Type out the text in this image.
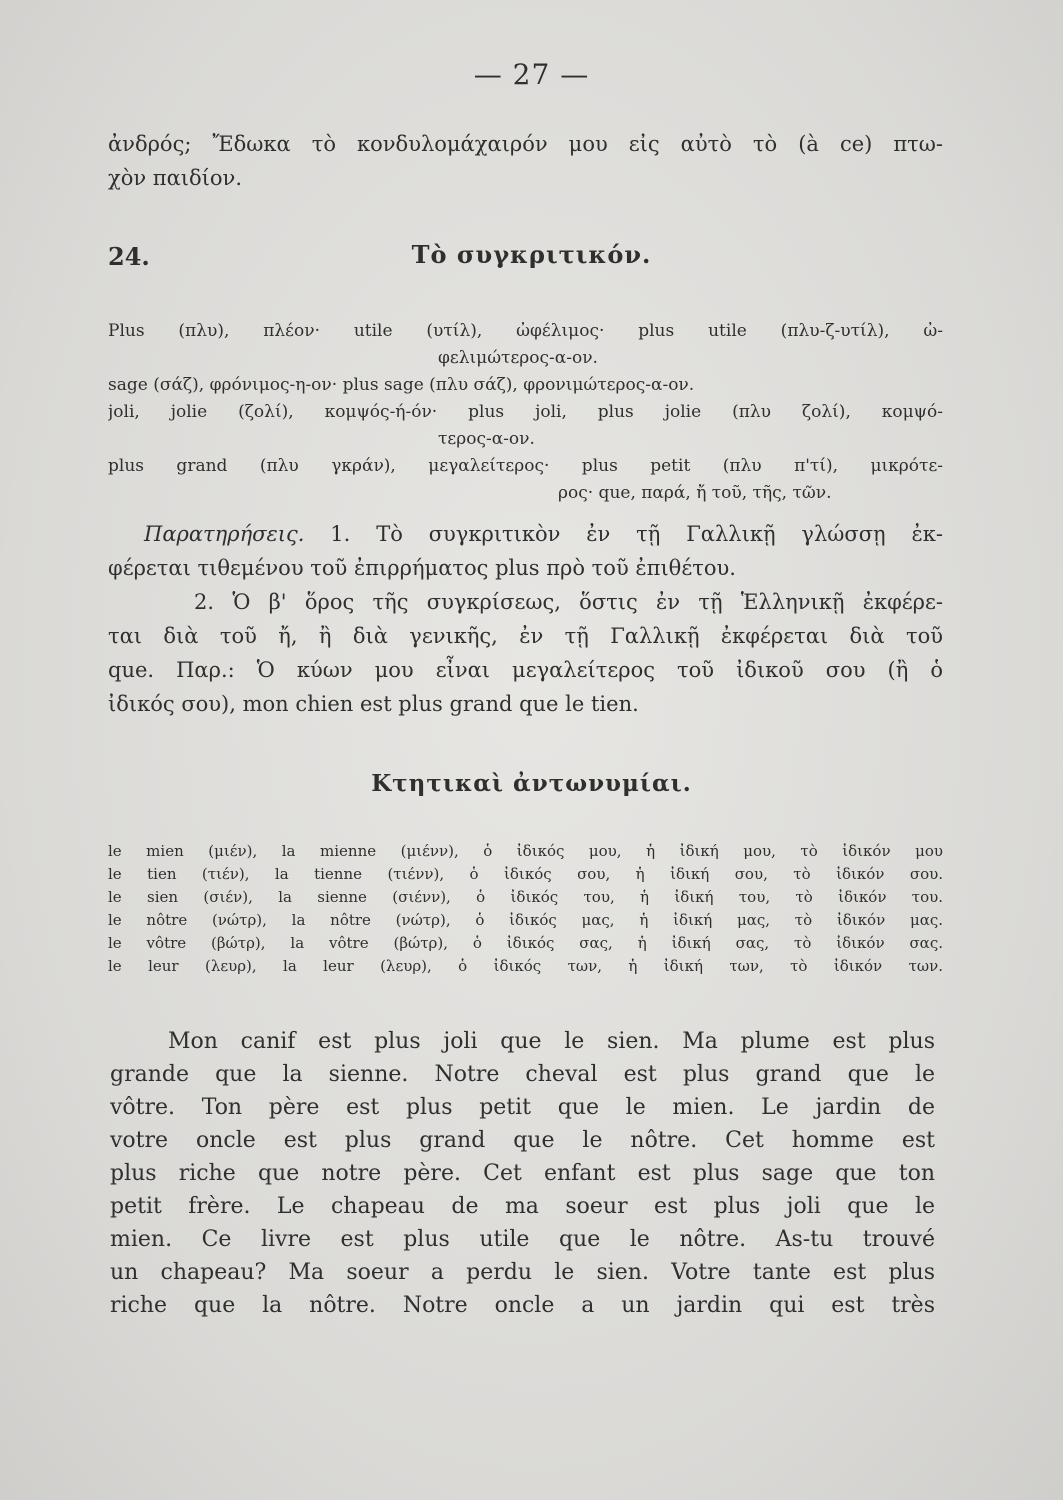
— 27 —
ἀνδρός; Ἔδωκα τὸ κονδυλομάχαιρόν μου εἰς αὐτὸ τὸ (à ce) πτω-
χὸν παιδίον.
24.	Τὸ συγκριτικόν.
Plus (πλυ), πλέον· utile (υτίλ), ὠφέλιμος· plus utile (πλυ-ζ-υτίλ), ὠ-
φελιμώτερος-α-ον.
sage (σάζ), φρόνιμος-η-ον· plus sage (πλυ σάζ), φρονιμώτερος-α-ον.
joli, jolie (ζολί), κομψός-ή-όν· plus joli, plus jolie (πλυ ζολί), κομψό-
τερος-α-ον.
plus grand (πλυ γκράν), μεγαλείτερος· plus petit (πλυ π'τί), μικρότε-
ρος· que, παρά, ἤ τοῦ, τῆς, τῶν.
Παρατηρήσεις. 1. Τὸ συγκριτικὸν ἐν τῇ Γαλλικῇ γλώσσῃ ἐκ-
φέρεται τιθεμένου τοῦ ἐπιρρήματος plus πρὸ τοῦ ἐπιθέτου.
2. Ὁ β' ὅρος τῆς συγκρίσεως, ὅστις ἐν τῇ Ἑλληνικῇ ἐκφέρε-
ται διὰ τοῦ ἤ, ἢ διὰ γενικῆς, ἐν τῇ Γαλλικῇ ἐκφέρεται διὰ τοῦ
que. Παρ.: Ὁ κύων μου εἶναι μεγαλείτερος τοῦ ἰδικοῦ σου (ἢ ὁ
ἰδικός σου), mon chien est plus grand que le tien.
Κτητικαὶ ἀντωνυμίαι.
le mien (μιέν), la mienne (μιένν), ὁ ἰδικός μου, ἡ ἰδική μου, τὸ ἰδικόν μου
le tien (τιέν), la tienne (τιένν), ὁ ἰδικός σου, ἡ ἰδική σου, τὸ ἰδικόν σου.
le sien (σιέν), la sienne (σιένν), ὁ ἰδικός του, ἡ ἰδική του, τὸ ἰδικόν του.
le nôtre (νώτρ), la nôtre (νώτρ), ὁ ἰδικός μας, ἡ ἰδική μας, τὸ ἰδικόν μας.
le vôtre (βώτρ), la vôtre (βώτρ), ὁ ἰδικός σας, ἡ ἰδική σας, τὸ ἰδικόν σας.
le leur (λευρ), la leur (λευρ), ὁ ἰδικός των, ἡ ἰδική των, τὸ ἰδικόν των.
Mon canif est plus joli que le sien. Ma plume est plus
grande que la sienne. Notre cheval est plus grand que le
vôtre. Ton père est plus petit que le mien. Le jardin de
votre oncle est plus grand que le nôtre. Cet homme est
plus riche que notre père. Cet enfant est plus sage que ton
petit frère. Le chapeau de ma soeur est plus joli que le
mien. Ce livre est plus utile que le nôtre. As-tu trouvé
un chapeau? Ma soeur a perdu le sien. Votre tante est plus
riche que la nôtre. Notre oncle a un jardin qui est très
